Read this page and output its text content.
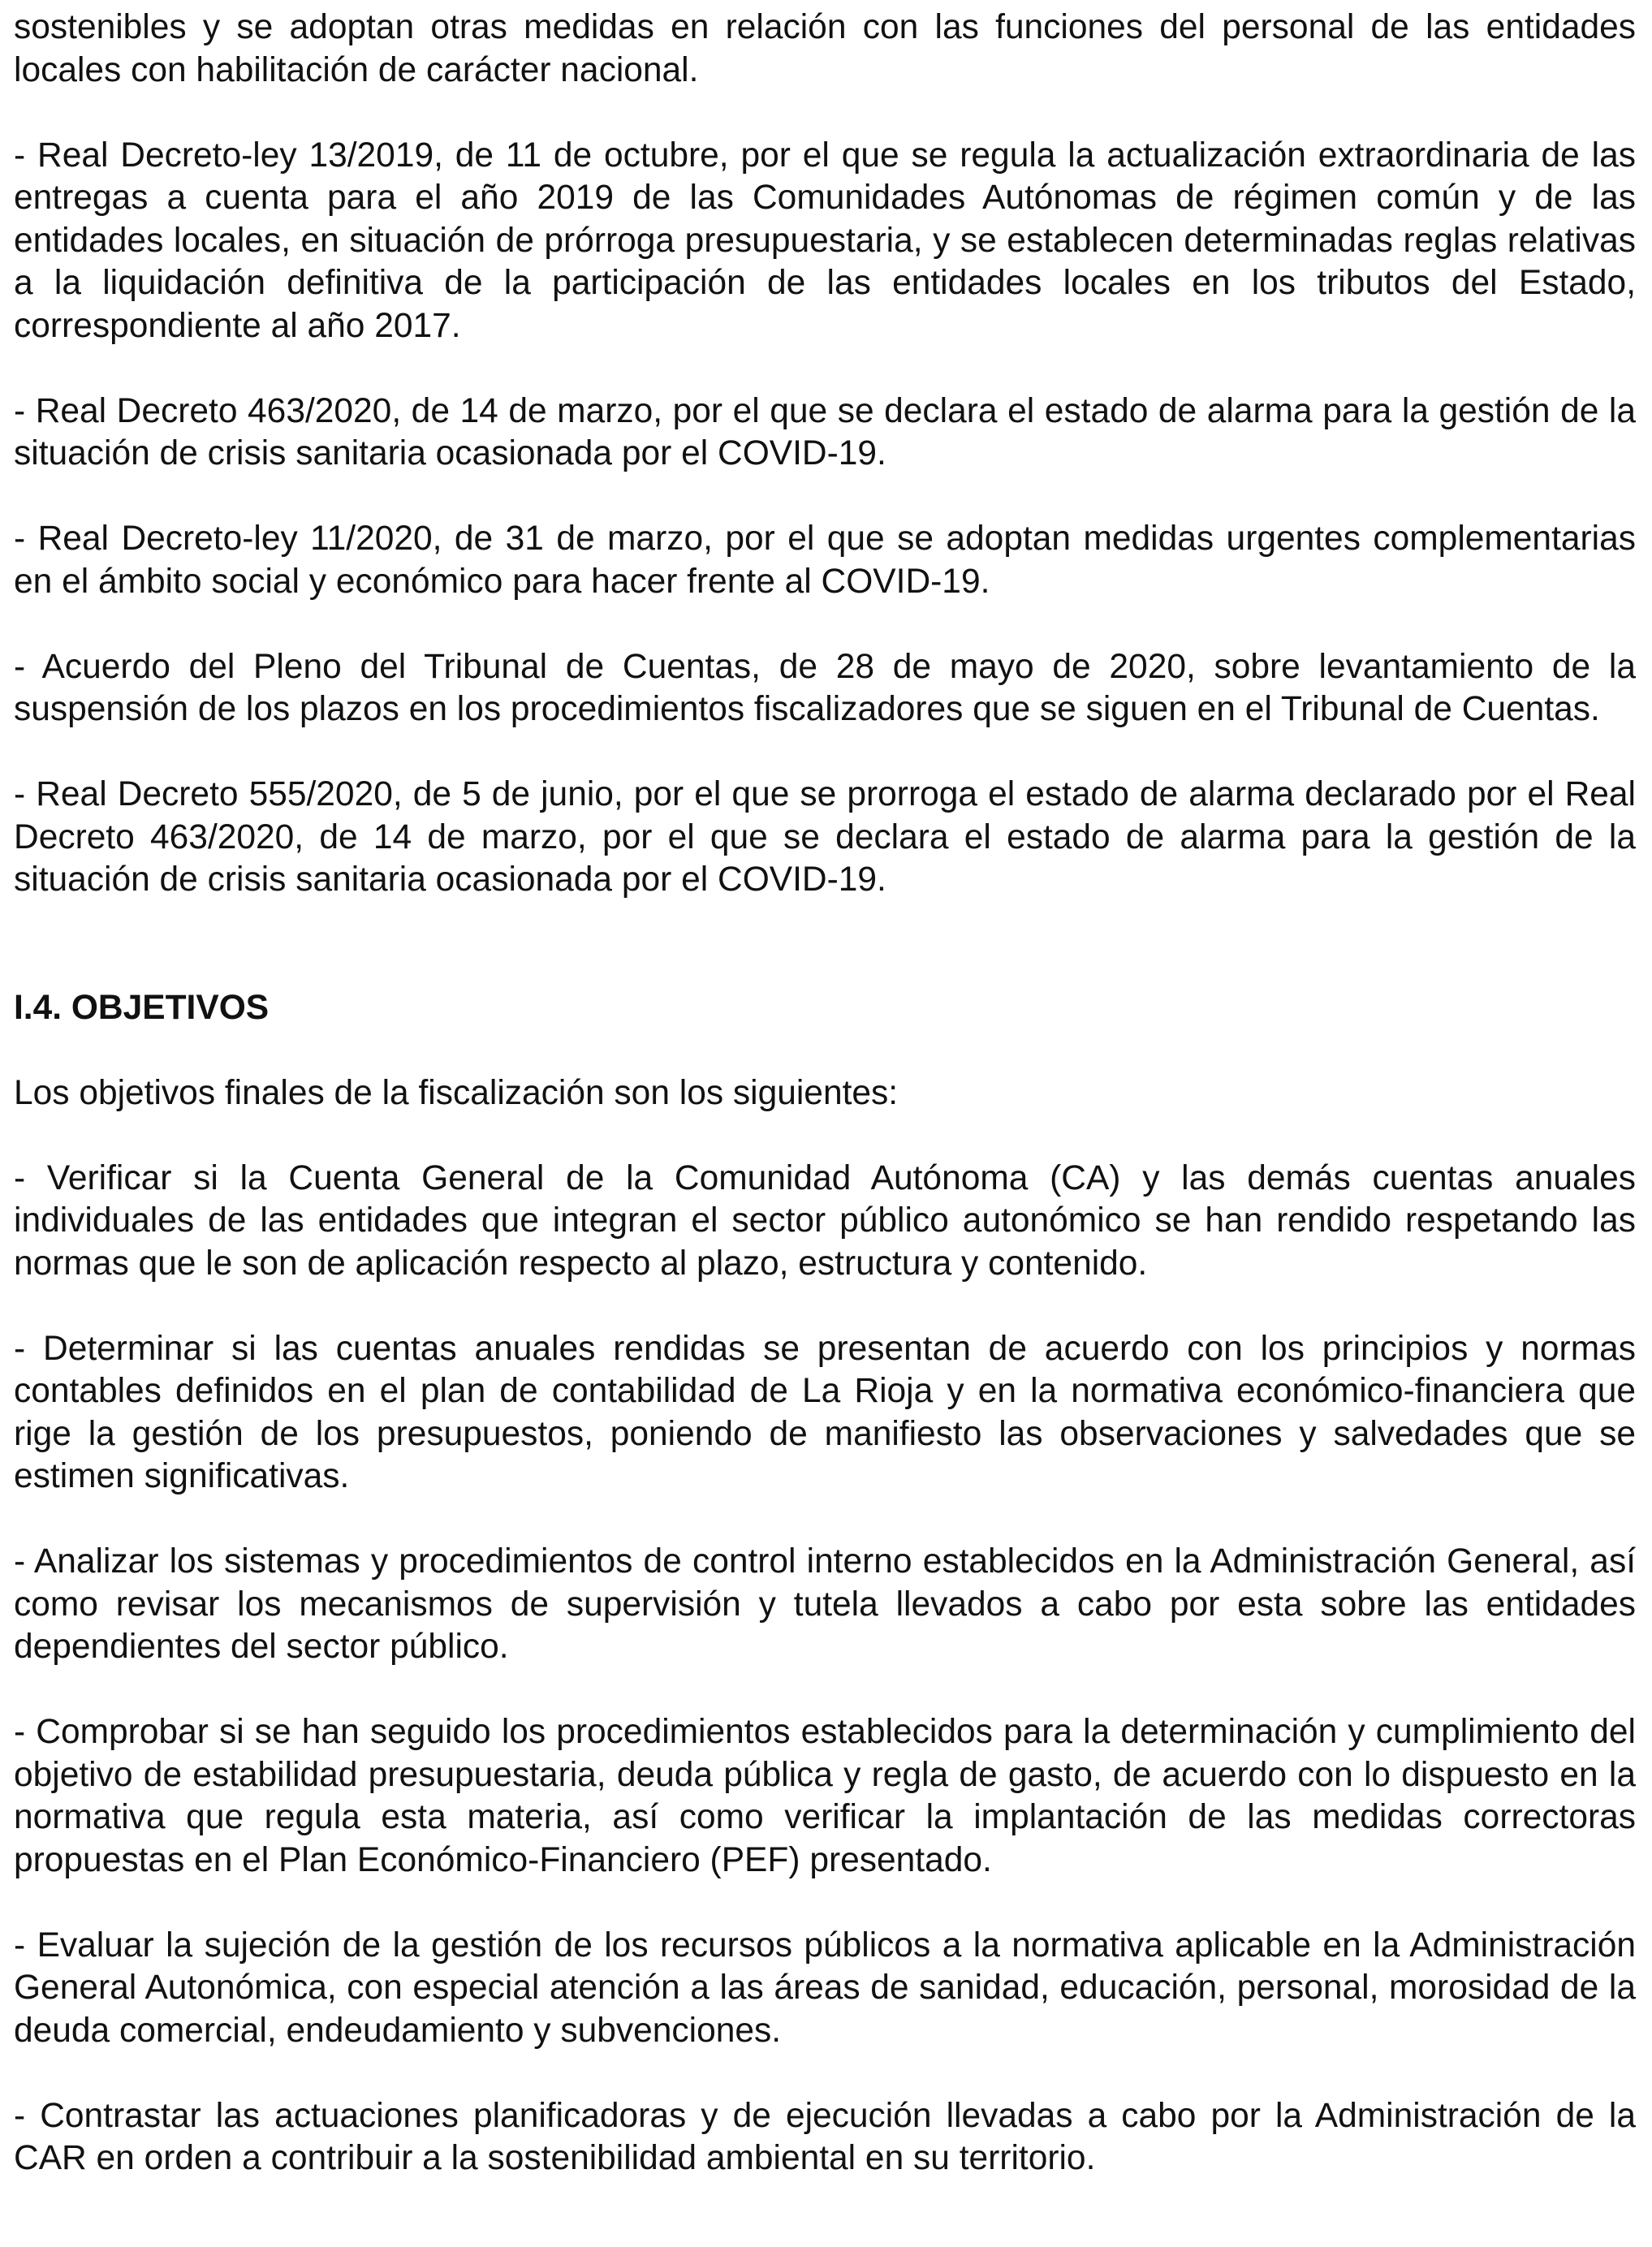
sostenibles y se adoptan otras medidas en relación con las funciones del personal de las entidades locales con habilitación de carácter nacional.

- Real Decreto-ley 13/2019, de 11 de octubre, por el que se regula la actualización extraordinaria de las entregas a cuenta para el año 2019 de las Comunidades Autónomas de régimen común y de las entidades locales, en situación de prórroga presupuestaria, y se establecen determinadas reglas relativas a la liquidación definitiva de la participación de las entidades locales en los tributos del Estado, correspondiente al año 2017.

- Real Decreto 463/2020, de 14 de marzo, por el que se declara el estado de alarma para la gestión de la situación de crisis sanitaria ocasionada por el COVID-19.

- Real Decreto-ley 11/2020, de 31 de marzo, por el que se adoptan medidas urgentes complementarias en el ámbito social y económico para hacer frente al COVID-19.

- Acuerdo del Pleno del Tribunal de Cuentas, de 28 de mayo de 2020, sobre levantamiento de la suspensión de los plazos en los procedimientos fiscalizadores que se siguen en el Tribunal de Cuentas.

- Real Decreto 555/2020, de 5 de junio, por el que se prorroga el estado de alarma declarado por el Real Decreto 463/2020, de 14 de marzo, por el que se declara el estado de alarma para la gestión de la situación de crisis sanitaria ocasionada por el COVID-19.

I.4. OBJETIVOS

Los objetivos finales de la fiscalización son los siguientes:

- Verificar si la Cuenta General de la Comunidad Autónoma (CA) y las demás cuentas anuales individuales de las entidades que integran el sector público autonómico se han rendido respetando las normas que le son de aplicación respecto al plazo, estructura y contenido.

- Determinar si las cuentas anuales rendidas se presentan de acuerdo con los principios y normas contables definidos en el plan de contabilidad de La Rioja y en la normativa económico-financiera que rige la gestión de los presupuestos, poniendo de manifiesto las observaciones y salvedades que se estimen significativas.

- Analizar los sistemas y procedimientos de control interno establecidos en la Administración General, así como revisar los mecanismos de supervisión y tutela llevados a cabo por esta sobre las entidades dependientes del sector público.

- Comprobar si se han seguido los procedimientos establecidos para la determinación y cumplimiento del objetivo de estabilidad presupuestaria, deuda pública y regla de gasto, de acuerdo con lo dispuesto en la normativa que regula esta materia, así como verificar la implantación de las medidas correctoras propuestas en el Plan Económico-Financiero (PEF) presentado.

- Evaluar la sujeción de la gestión de los recursos públicos a la normativa aplicable en la Administración General Autonómica, con especial atención a las áreas de sanidad, educación, personal, morosidad de la deuda comercial, endeudamiento y subvenciones.

- Contrastar las actuaciones planificadoras y de ejecución llevadas a cabo por la Administración de la CAR en orden a contribuir a la sostenibilidad ambiental en su territorio.
